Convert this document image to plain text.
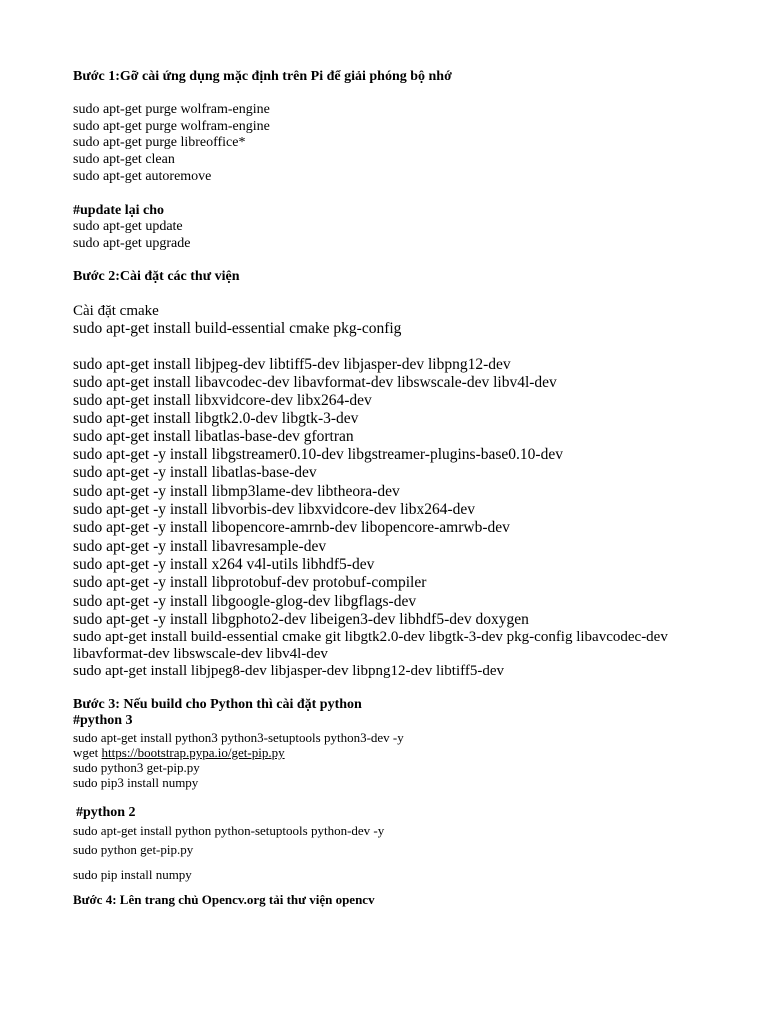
Bước 1:Gỡ cài ứng dụng mặc định trên Pi để giải phóng bộ nhớ
sudo apt-get purge wolfram-engine
sudo apt-get purge wolfram-engine
sudo apt-get purge libreoffice*
sudo apt-get clean
sudo apt-get autoremove
#update lại cho
sudo apt-get update
sudo apt-get upgrade
Bước 2:Cài đặt các thư viện
Cài đặt cmake
sudo apt-get install build-essential cmake pkg-config
sudo apt-get install libjpeg-dev libtiff5-dev libjasper-dev libpng12-dev
sudo apt-get install libavcodec-dev libavformat-dev libswscale-dev libv4l-dev
sudo apt-get install libxvidcore-dev libx264-dev
sudo apt-get install libgtk2.0-dev libgtk-3-dev
sudo apt-get install libatlas-base-dev gfortran
sudo apt-get -y install libgstreamer0.10-dev libgstreamer-plugins-base0.10-dev
sudo apt-get -y install libatlas-base-dev
sudo apt-get -y install libmp3lame-dev libtheora-dev
sudo apt-get -y install libvorbis-dev libxvidcore-dev libx264-dev
sudo apt-get -y install libopencore-amrnb-dev libopencore-amrwb-dev
sudo apt-get -y install libavresample-dev
sudo apt-get -y install x264 v4l-utils libhdf5-dev
sudo apt-get -y install libprotobuf-dev protobuf-compiler
sudo apt-get -y install libgoogle-glog-dev libgflags-dev
sudo apt-get -y install libgphoto2-dev libeigen3-dev libhdf5-dev doxygen
sudo apt-get install build-essential cmake git libgtk2.0-dev libgtk-3-dev pkg-config libavcodec-dev
libavformat-dev libswscale-dev libv4l-dev
sudo apt-get install libjpeg8-dev libjasper-dev libpng12-dev libtiff5-dev
Bước 3: Nếu build cho Python thì cài đặt python
#python 3
sudo apt-get install python3 python3-setuptools python3-dev -y
wget https://bootstrap.pypa.io/get-pip.py
sudo python3 get-pip.py
sudo pip3 install numpy
#python 2
sudo apt-get install python python-setuptools python-dev -y
sudo python get-pip.py
sudo pip install numpy
Bước 4: Lên trang chủ Opencv.org tải thư viện opencv
